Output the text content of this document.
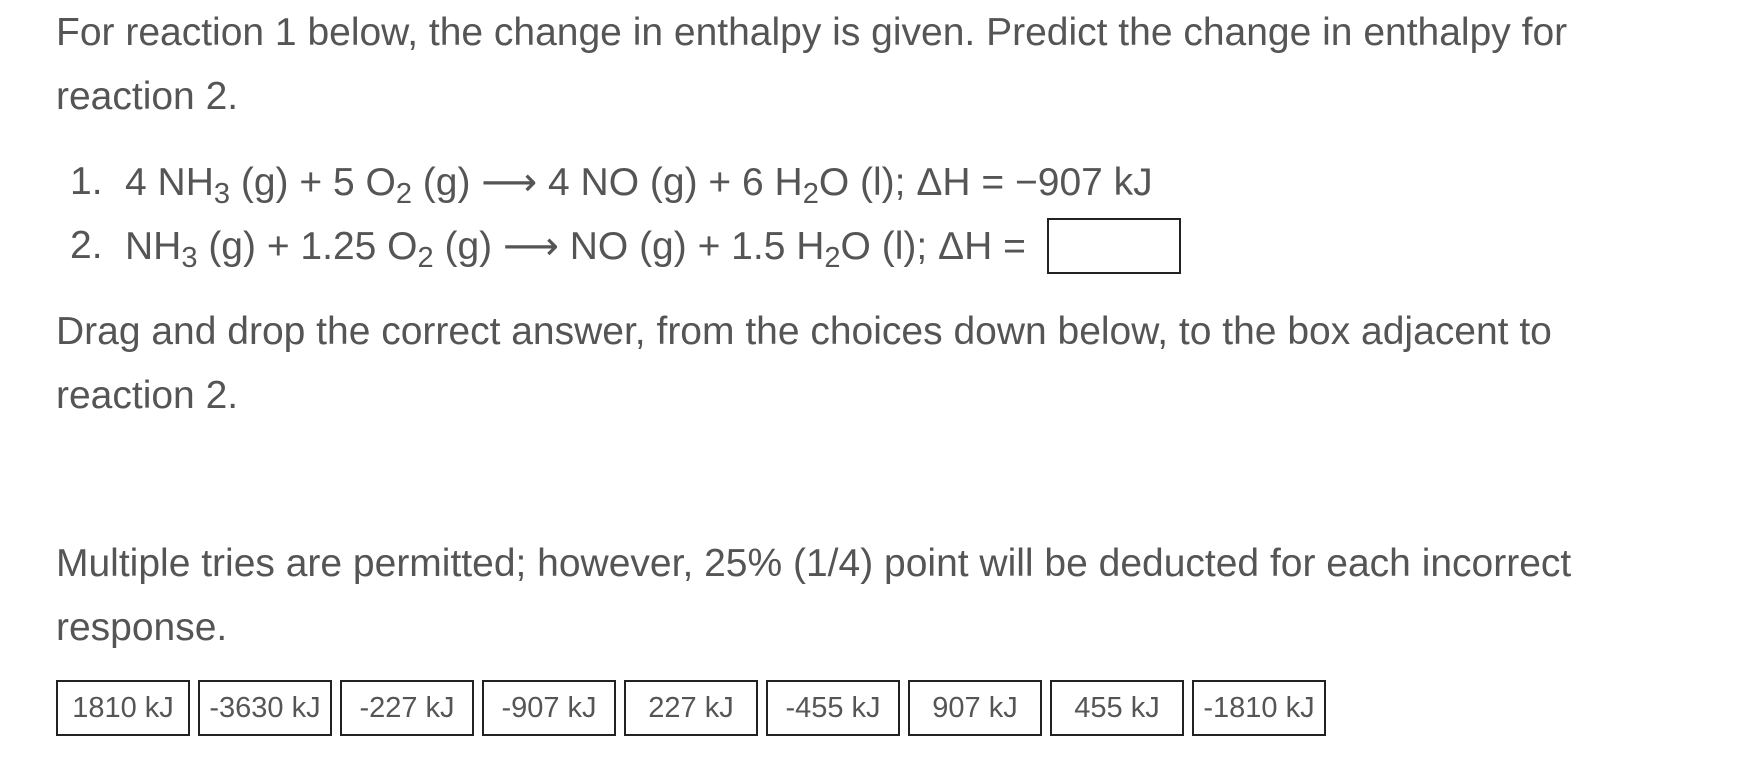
For reaction 1 below, the change in enthalpy is given. Predict the change in enthalpy for reaction 2.

1. 4 $NH_3$ (g) + 5 $O_2$ (g) ⟶ 4 NO (g) + 6 $H_2O$ (l); ΔH = −907 kJ
2. $NH_3$ (g) + 1.25 $O_2$ (g) ⟶ NO (g) + 1.5 $H_2O$ (l); ΔH =

Drag and drop the correct answer, from the choices down below, to the box adjacent to reaction 2.

Multiple tries are permitted; however, 25% (1/4) point will be deducted for each incorrect response.

1810 kJ	-3630 kJ	-227 kJ	-907 kJ	227 kJ	-455 kJ	907 kJ	455 kJ	-1810 kJ
